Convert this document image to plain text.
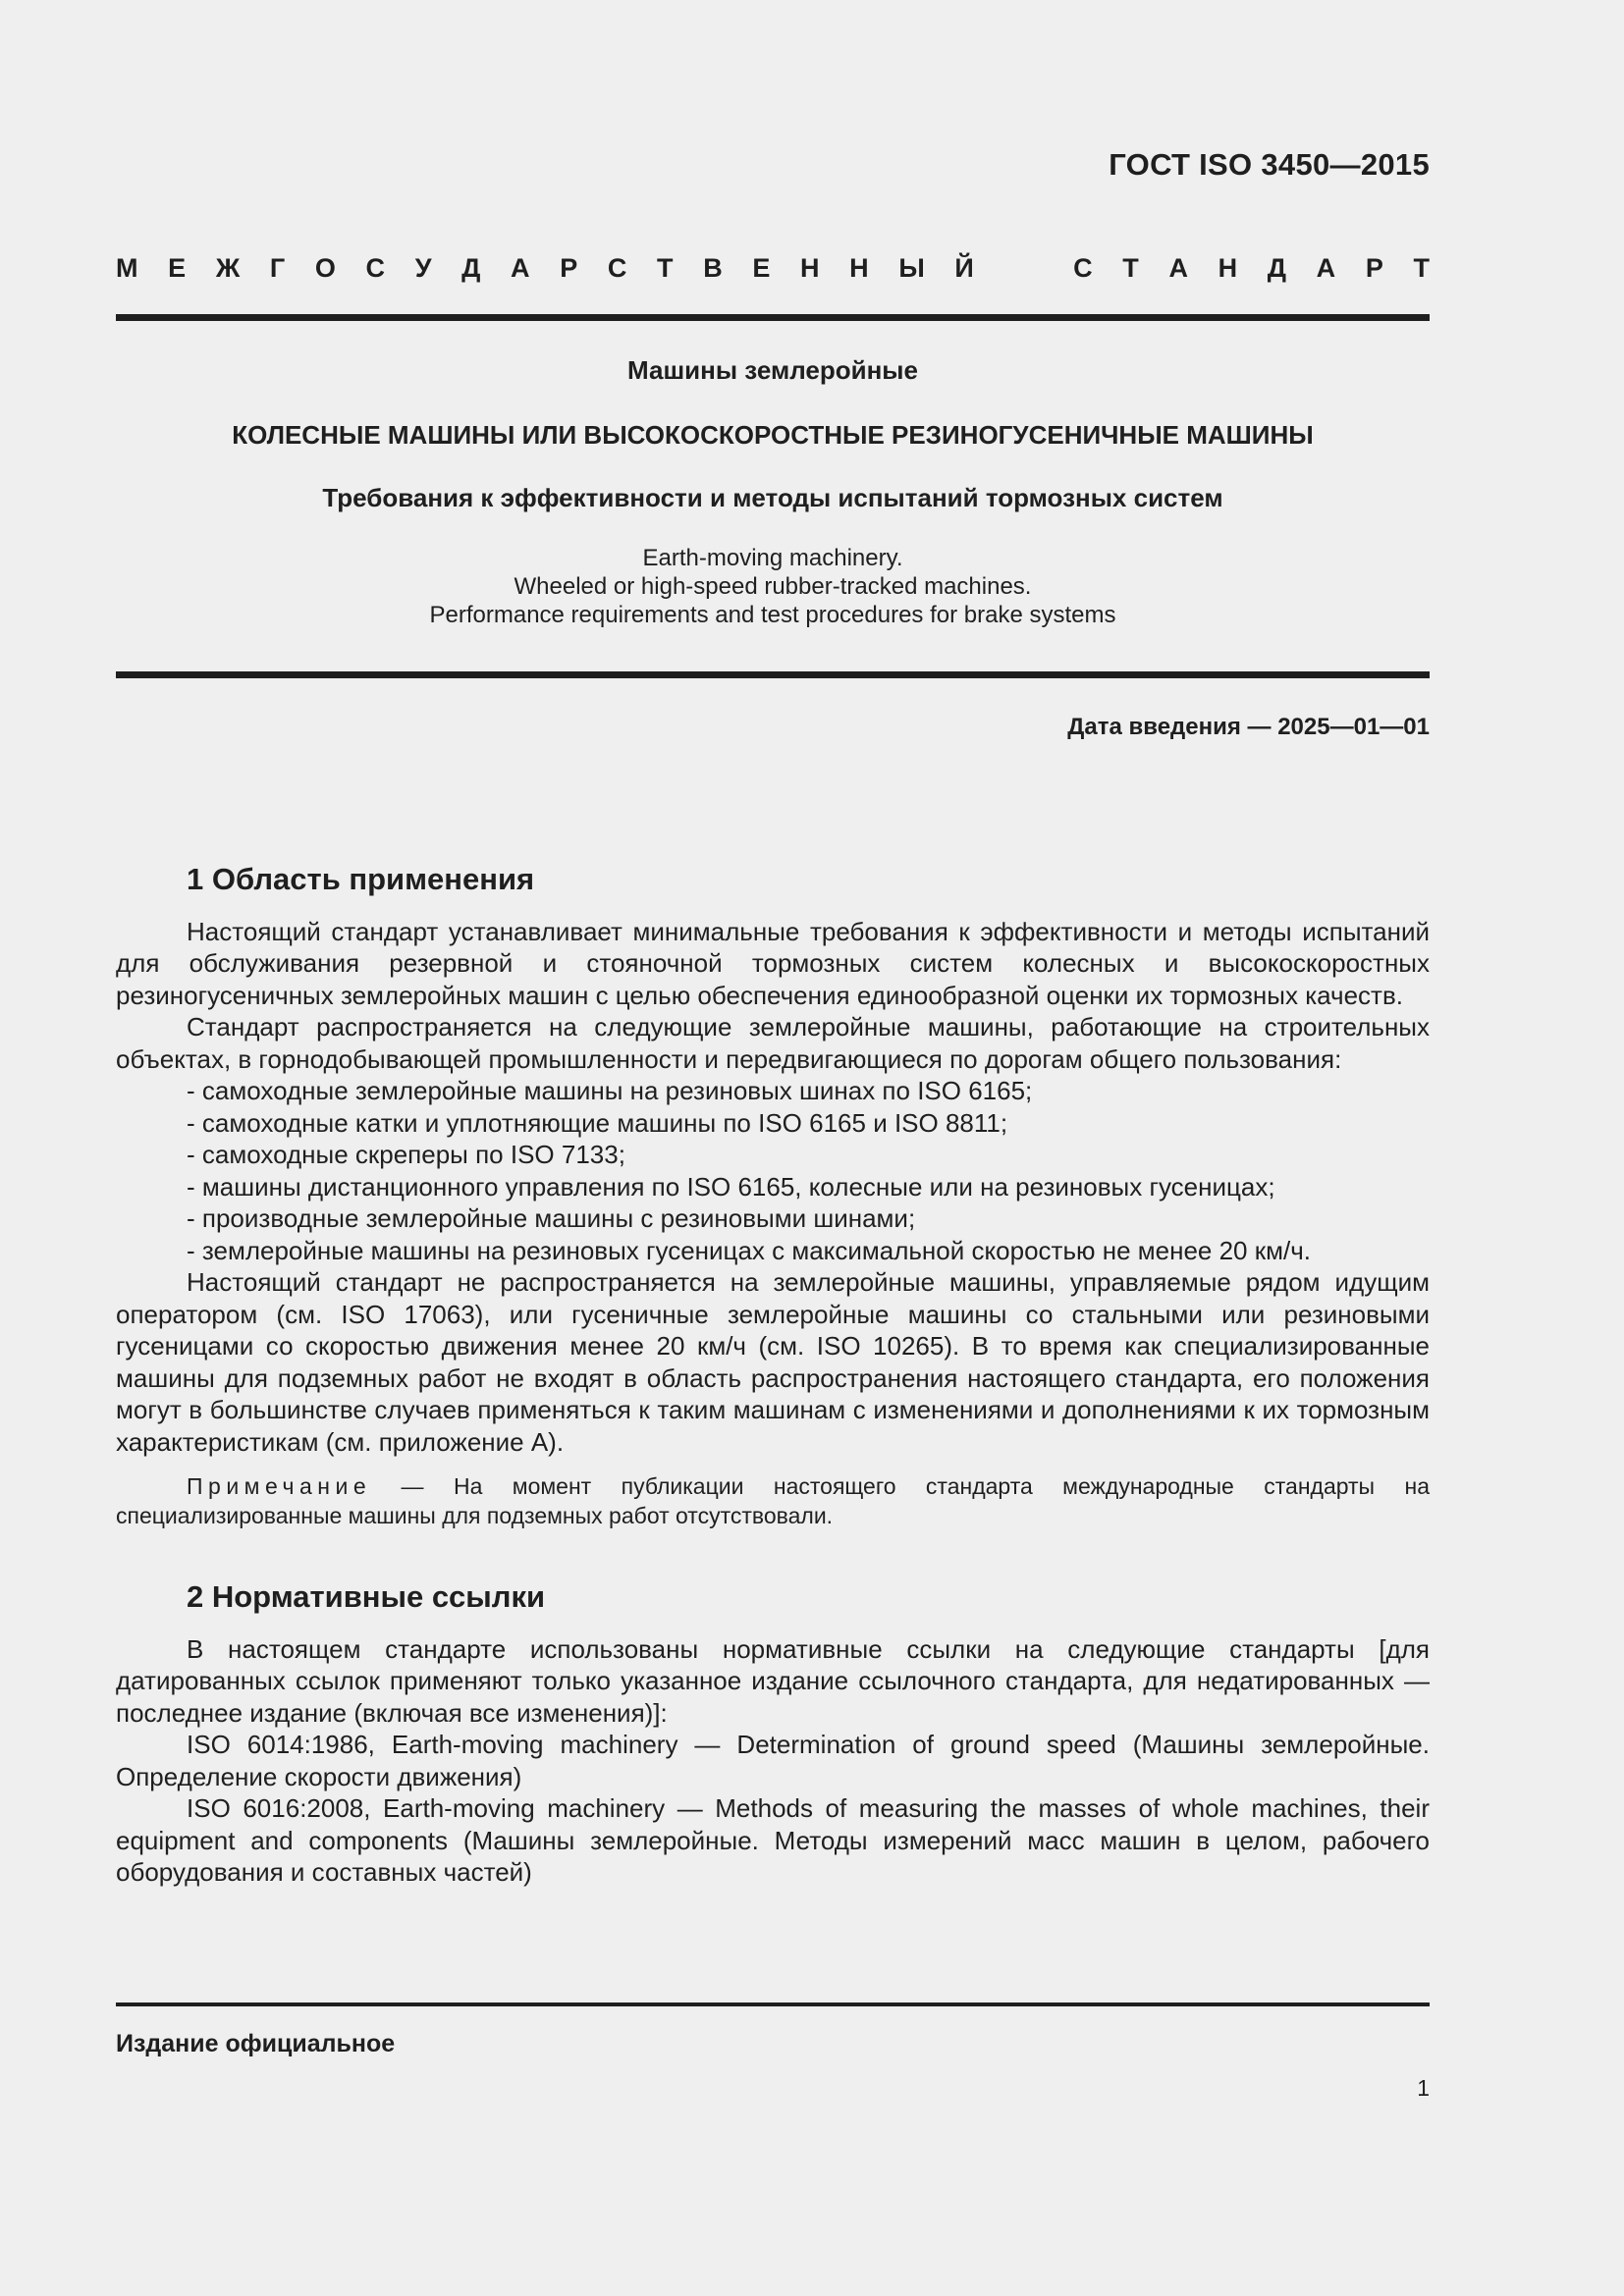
ГОСТ ISO 3450—2015
М Е Ж Г О С У Д А Р С Т В Е Н Н Ы Й	С Т А Н Д А Р Т
Машины землеройные
КОЛЕСНЫЕ МАШИНЫ ИЛИ ВЫСОКОСКОРОСТНЫЕ РЕЗИНОГУСЕНИЧНЫЕ МАШИНЫ
Требования к эффективности и методы испытаний тормозных систем
Earth-moving machinery.
Wheeled or high-speed rubber-tracked machines.
Performance requirements and test procedures for brake systems
Дата введения — 2025—01—01
1 Область применения

Настоящий стандарт устанавливает минимальные требования к эффективности и методы испытаний для обслуживания резервной и стояночной тормозных систем колесных и высокоскоростных резиногусеничных землеройных машин с целью обеспечения единообразной оценки их тормозных качеств.

Стандарт распространяется на следующие землеройные машины, работающие на строительных объектах, в горнодобывающей промышленности и передвигающиеся по дорогам общего пользования:

- самоходные землеройные машины на резиновых шинах по ISO 6165;

- самоходные катки и уплотняющие машины по ISO 6165 и ISO 8811;

- самоходные скреперы по ISO 7133;

- машины дистанционного управления по ISO 6165, колесные или на резиновых гусеницах;

- производные землеройные машины с резиновыми шинами;

- землеройные машины на резиновых гусеницах с максимальной скоростью не менее 20 км/ч.

Настоящий стандарт не распространяется на землеройные машины, управляемые рядом идущим оператором (см. ISO 17063), или гусеничные землеройные машины со стальными или резиновыми гусеницами со скоростью движения менее 20 км/ч (см. ISO 10265). В то время как специализированные машины для подземных работ не входят в область распространения настоящего стандарта, его положения могут в большинстве случаев применяться к таким машинам с изменениями и дополнениями к их тормозным характеристикам (см. приложение А).

Примечание — На момент публикации настоящего стандарта международные стандарты на специализированные машины для подземных работ отсутствовали.

2 Нормативные ссылки

В настоящем стандарте использованы нормативные ссылки на следующие стандарты [для датированных ссылок применяют только указанное издание ссылочного стандарта, для недатированных — последнее издание (включая все изменения)]:

ISO 6014:1986, Earth-moving machinery — Determination of ground speed (Машины землеройные. Определение скорости движения)

ISO 6016:2008, Earth-moving machinery — Methods of measuring the masses of whole machines, their equipment and components (Машины землеройные. Методы измерений масс машин в целом, рабочего оборудования и составных частей)

Издание официальное
1
